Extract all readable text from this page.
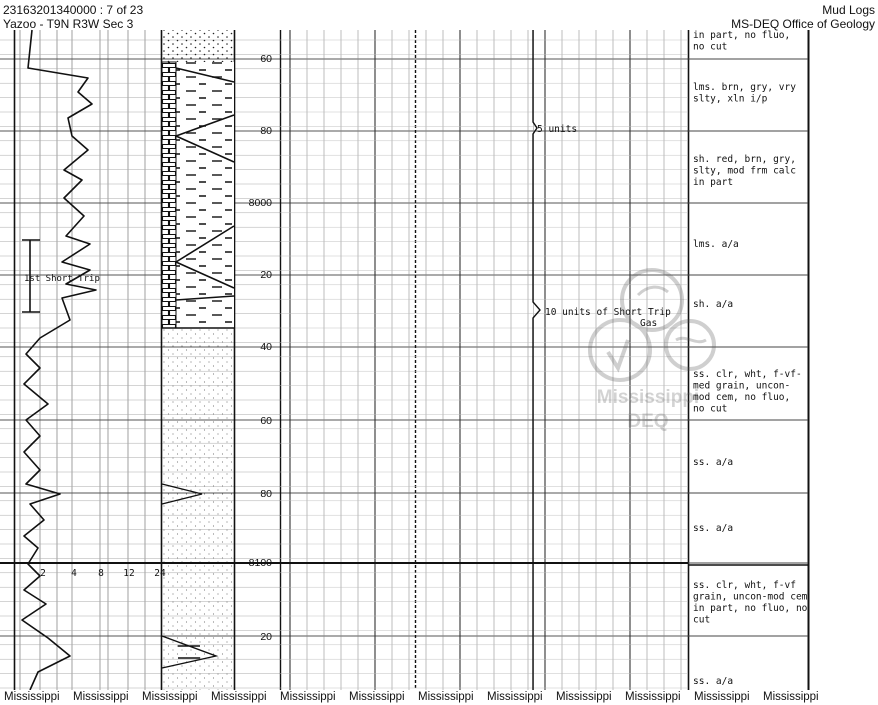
1st Short Trip
2	4 8 12 24
60
80
8000
20
40
60
80
8100
20
5 units
10 units of Short Trip
Gas
Mississippi
DEQ
in part, no fluo, no cut
lms. brn, gry, vry slty, xln i/p
sh. red, brn, gry, slty, mod frm calc in part
lms. a/a
sh. a/a
ss. clr, wht, f-vf-med grain, uncon-mod cem, no fluo, no cut
ss. a/a
ss. a/a
ss. clr, wht, f-vf grain, uncon-mod cem in part, no fluo, no cut
ss. a/a
23163201340000 : 7 of 23
Yazoo - T9N R3W Sec 3
Mud Logs
MS-DEQ Office of Geology
Mississippi Mississippi Mississippi Mississippi Mississippi Mississippi Mississippi Mississippi Mississippi Mississippi Mississippi Mississippi
